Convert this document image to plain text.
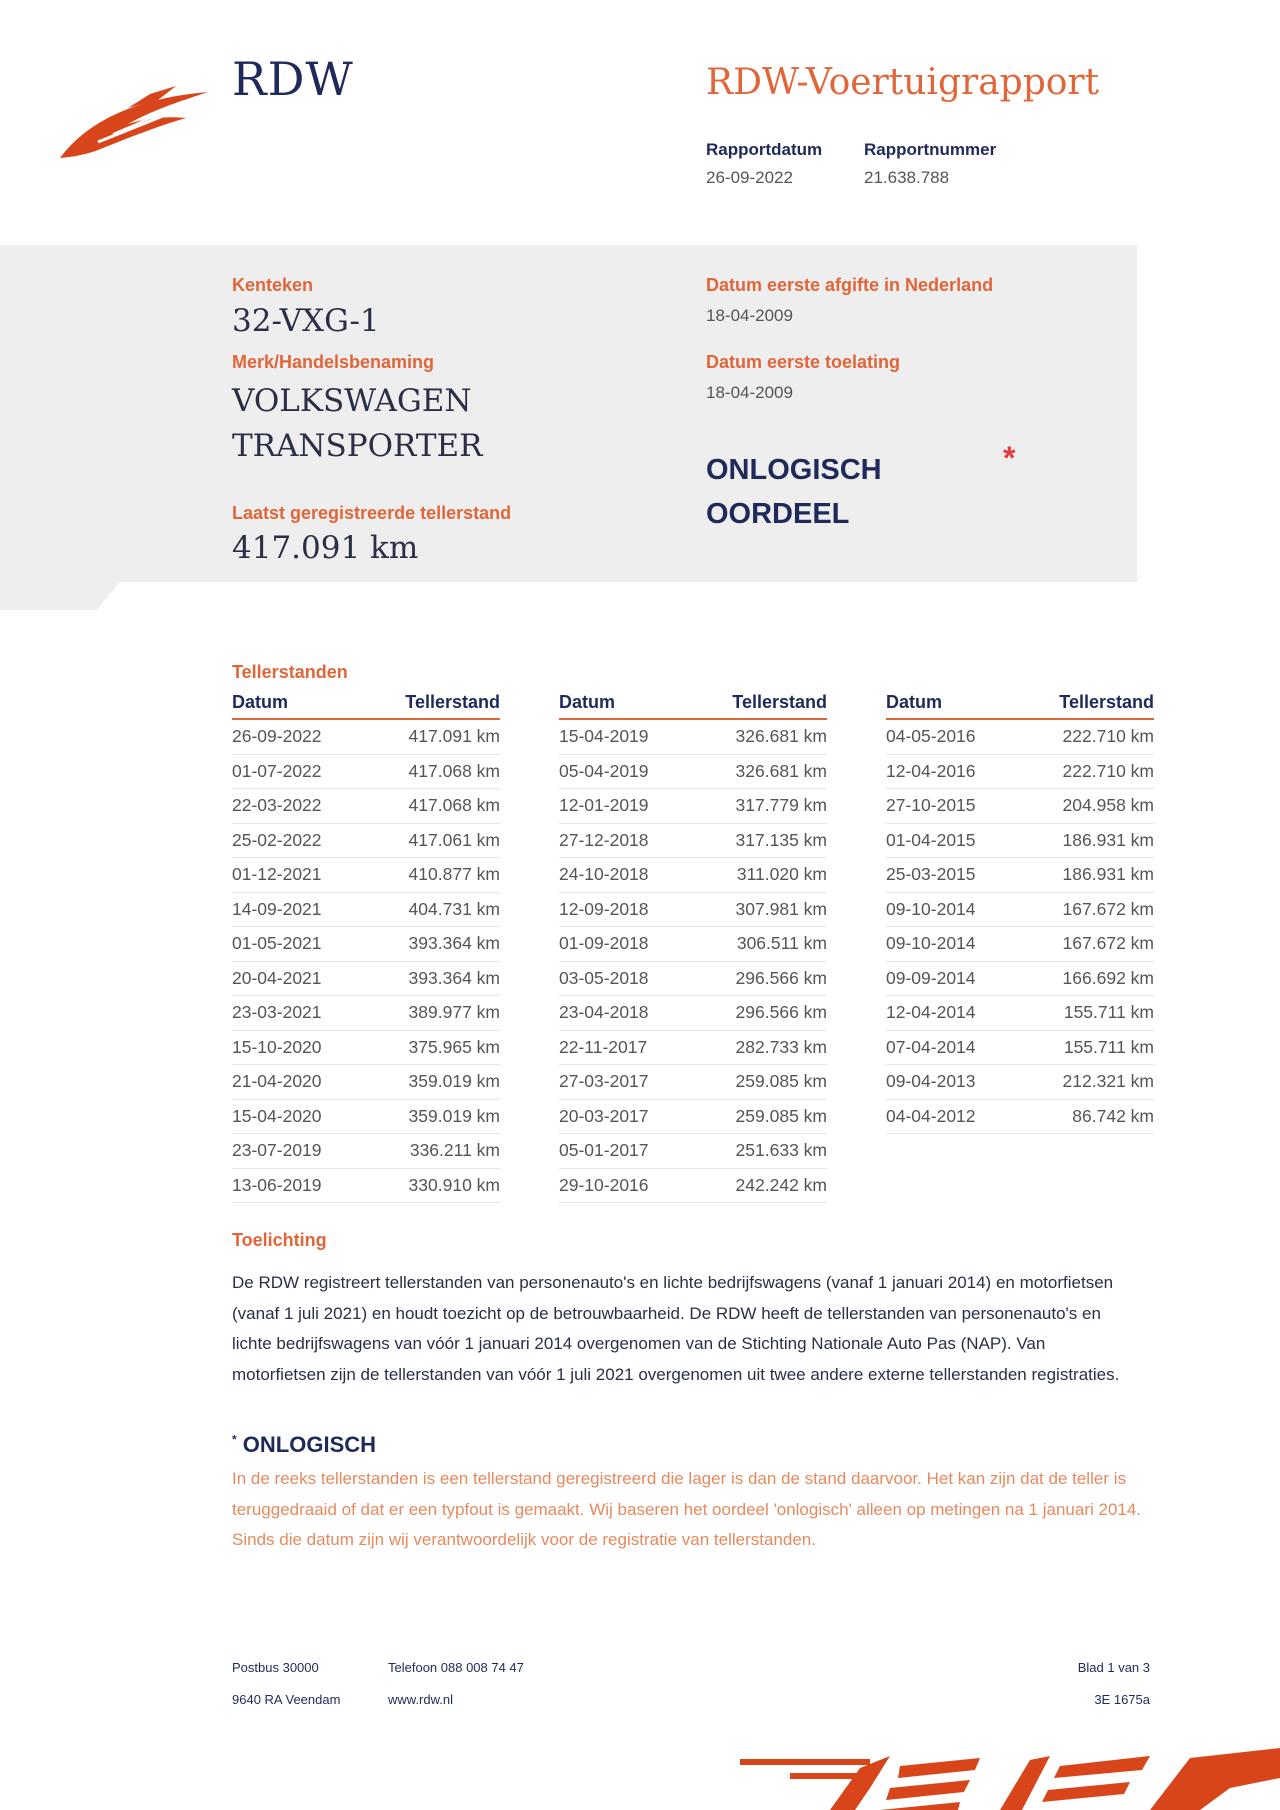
RDW	RDW-Voertuigrapport
Rapportdatum
26-09-2022
Rapportnummer
21.638.788
Kenteken
32-VXG-1
Merk/Handelsbenaming
VOLKSWAGEN
TRANSPORTER
Laatst geregistreerde tellerstand
417.091 km
Datum eerste afgifte in Nederland
18-04-2009
Datum eerste toelating
18-04-2009
ONLOGISCH
OORDEEL
*
Tellerstanden
Datum	Tellerstand
26-09-2022	417.091 km
01-07-2022	417.068 km
22-03-2022	417.068 km
25-02-2022	417.061 km
01-12-2021	410.877 km
14-09-2021	404.731 km
01-05-2021	393.364 km
20-04-2021	393.364 km
23-03-2021	389.977 km
15-10-2020	375.965 km
21-04-2020	359.019 km
15-04-2020	359.019 km
23-07-2019	336.211 km
13-06-2019	330.910 km
Datum	Tellerstand
15-04-2019	326.681 km
05-04-2019	326.681 km
12-01-2019	317.779 km
27-12-2018	317.135 km
24-10-2018	311.020 km
12-09-2018	307.981 km
01-09-2018	306.511 km
03-05-2018	296.566 km
23-04-2018	296.566 km
22-11-2017	282.733 km
27-03-2017	259.085 km
20-03-2017	259.085 km
05-01-2017	251.633 km
29-10-2016	242.242 km
Datum	Tellerstand
04-05-2016	222.710 km
12-04-2016	222.710 km
27-10-2015	204.958 km
01-04-2015	186.931 km
25-03-2015	186.931 km
09-10-2014	167.672 km
09-10-2014	167.672 km
09-09-2014	166.692 km
12-04-2014	155.711 km
07-04-2014	155.711 km
09-04-2013	212.321 km
04-04-2012	86.742 km
Toelichting
De RDW registreert tellerstanden van personenauto's en lichte bedrijfswagens (vanaf 1 januari 2014) en motorfietsen (vanaf 1 juli 2021) en houdt toezicht op de betrouwbaarheid. De RDW heeft de tellerstanden van personenauto's en lichte bedrijfswagens van vóór 1 januari 2014 overgenomen van de Stichting Nationale Auto Pas (NAP). Van motorfietsen zijn de tellerstanden van vóór 1 juli 2021 overgenomen uit twee andere externe tellerstanden registraties.
* ONLOGISCH
In de reeks tellerstanden is een tellerstand geregistreerd die lager is dan de stand daarvoor. Het kan zijn dat de teller is teruggedraaid of dat er een typfout is gemaakt. Wij baseren het oordeel 'onlogisch' alleen op metingen na 1 januari 2014. Sinds die datum zijn wij verantwoordelijk voor de registratie van tellerstanden.
Postbus 30000
9640 RA Veendam
Telefoon 088 008 74 47
www.rdw.nl
Blad 1 van 3
3E 1675a
